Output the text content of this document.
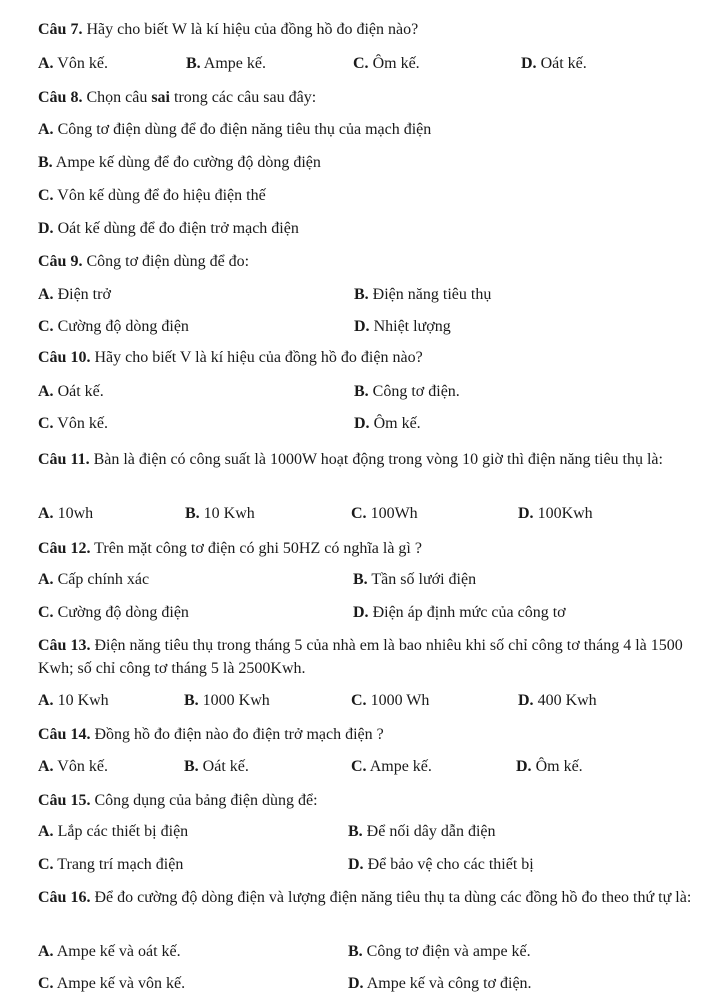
Câu 7. Hãy cho biết W là kí hiệu của đồng hồ đo điện nào?
A. Vôn kế.	B. Ampe kế.	C. Ôm kế.	D. Oát kế.
Câu 8. Chọn câu sai trong các câu sau đây:
A. Công tơ điện dùng để đo điện năng tiêu thụ của mạch điện
B. Ampe kế dùng để đo cường độ dòng điện
C. Vôn kế dùng để đo hiệu điện thế
D. Oát kế dùng để đo điện trở mạch điện
Câu 9. Công tơ điện dùng để đo:
A. Điện trở	B. Điện năng tiêu thụ
C. Cường độ dòng điện	D. Nhiệt lượng
Câu 10. Hãy cho biết V là kí hiệu của đồng hồ đo điện nào?
A. Oát kế.	B. Công tơ điện.
C. Vôn kế.	D. Ôm kế.
Câu 11. Bàn là điện có công suất là 1000W hoạt động trong vòng 10 giờ thì điện năng tiêu thụ là:
A. 10wh	B. 10 Kwh	C. 100Wh	D. 100Kwh
Câu 12. Trên mặt công tơ điện có ghi 50HZ có nghĩa là gì ?
A. Cấp chính xác	B. Tần số lưới điện
C. Cường độ dòng điện	D. Điện áp định mức của công tơ
Câu 13. Điện năng tiêu thụ trong tháng 5 của nhà em là bao nhiêu khi số chỉ công tơ tháng 4 là 1500 Kwh; số chỉ công tơ tháng 5 là 2500Kwh.
A. 10 Kwh	B. 1000 Kwh	C. 1000 Wh	D. 400 Kwh
Câu 14. Đồng hồ đo điện nào đo điện trở mạch điện ?
A. Vôn kế.	B. Oát kế.	C. Ampe kế.	D. Ôm kế.
Câu 15. Công dụng của bảng điện dùng để:
A. Lắp các thiết bị điện	B. Để nối dây dẫn điện
C. Trang trí mạch điện	D. Để bảo vệ cho các thiết bị
Câu 16. Để đo cường độ dòng điện và lượng điện năng tiêu thụ ta dùng các đồng hồ đo theo thứ tự là:
A. Ampe kế và oát kế.	B. Công tơ điện và ampe kế.
C. Ampe kế và vôn kế.	D. Ampe kế và công tơ điện.
